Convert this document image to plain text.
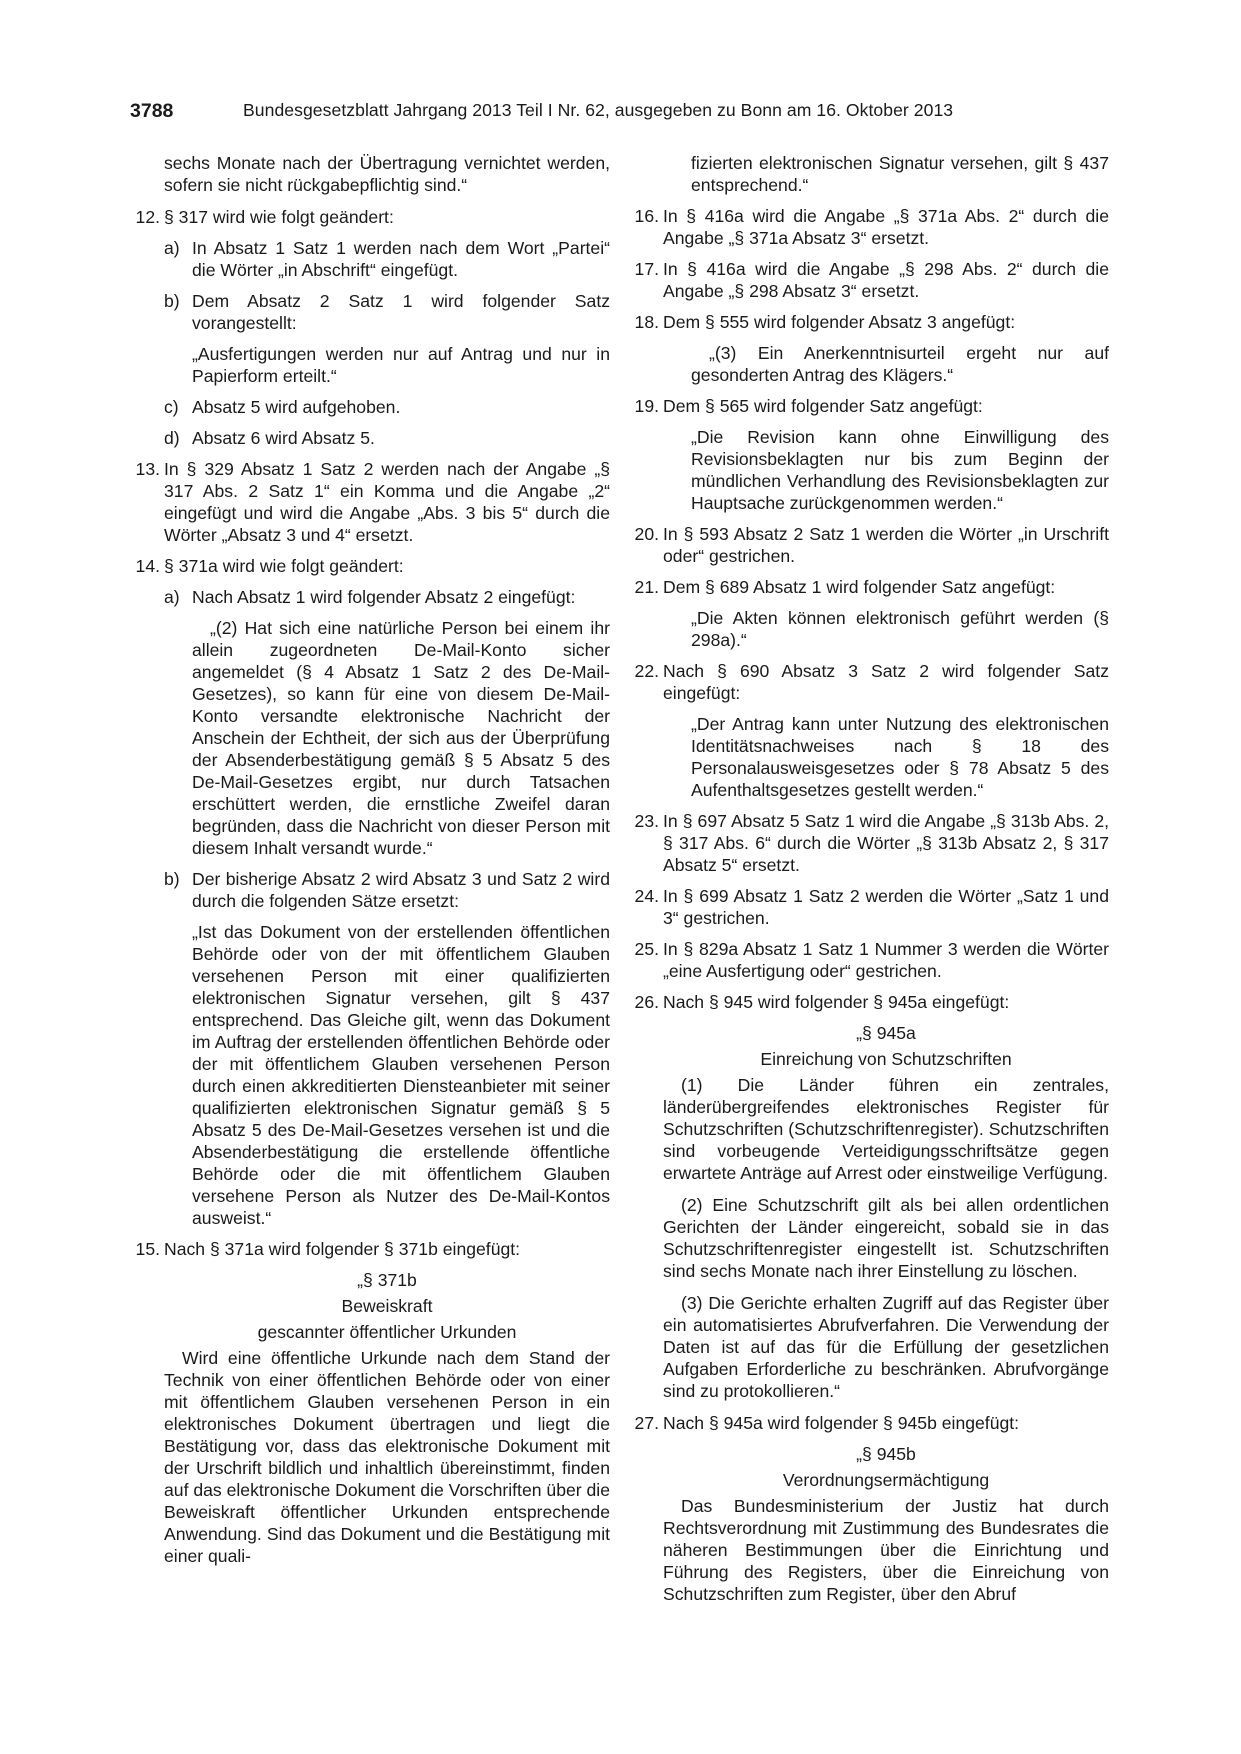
3788	Bundesgesetzblatt Jahrgang 2013 Teil I Nr. 62, ausgegeben zu Bonn am 16. Oktober 2013

sechs Monate nach der Übertragung vernichtet werden, sofern sie nicht rückgabepflichtig sind.“

12. § 317 wird wie folgt geändert:
a) In Absatz 1 Satz 1 werden nach dem Wort „Partei“ die Wörter „in Abschrift“ eingefügt.
b) Dem Absatz 2 Satz 1 wird folgender Satz vorangestellt:

„Ausfertigungen werden nur auf Antrag und nur in Papierform erteilt.“

c) Absatz 5 wird aufgehoben.
d) Absatz 6 wird Absatz 5.
13. In § 329 Absatz 1 Satz 2 werden nach der Angabe „§ 317 Abs. 2 Satz 1“ ein Komma und die Angabe „2“ eingefügt und wird die Angabe „Abs. 3 bis 5“ durch die Wörter „Absatz 3 und 4“ ersetzt.
14. § 371a wird wie folgt geändert:
a) Nach Absatz 1 wird folgender Absatz 2 eingefügt:

„(2) Hat sich eine natürliche Person bei einem ihr allein zugeordneten De-Mail-Konto sicher angemeldet (§ 4 Absatz 1 Satz 2 des De-Mail-Gesetzes), so kann für eine von diesem De-Mail-Konto versandte elektronische Nachricht der Anschein der Echtheit, der sich aus der Überprüfung der Absenderbestätigung gemäß § 5 Absatz 5 des De-Mail-Gesetzes ergibt, nur durch Tatsachen erschüttert werden, die ernstliche Zweifel daran begründen, dass die Nachricht von dieser Person mit diesem Inhalt versandt wurde.“

b) Der bisherige Absatz 2 wird Absatz 3 und Satz 2 wird durch die folgenden Sätze ersetzt:

„Ist das Dokument von der erstellenden öffentlichen Behörde oder von der mit öffentlichem Glauben versehenen Person mit einer qualifizierten elektronischen Signatur versehen, gilt § 437 entsprechend. Das Gleiche gilt, wenn das Dokument im Auftrag der erstellenden öffentlichen Behörde oder der mit öffentlichem Glauben versehenen Person durch einen akkreditierten Diensteanbieter mit seiner qualifizierten elektronischen Signatur gemäß § 5 Absatz 5 des De-Mail-Gesetzes versehen ist und die Absenderbestätigung die erstellende öffentliche Behörde oder die mit öffentlichem Glauben versehene Person als Nutzer des De-Mail-Kontos ausweist.“

15. Nach § 371a wird folgender § 371b eingefügt:

„§ 371b

Beweiskraft

gescannter öffentlicher Urkunden

Wird eine öffentliche Urkunde nach dem Stand der Technik von einer öffentlichen Behörde oder von einer mit öffentlichem Glauben versehenen Person in ein elektronisches Dokument übertragen und liegt die Bestätigung vor, dass das elektronische Dokument mit der Urschrift bildlich und inhaltlich übereinstimmt, finden auf das elektronische Dokument die Vorschriften über die Beweiskraft öffentlicher Urkunden entsprechende Anwendung. Sind das Dokument und die Bestätigung mit einer quali-

fizierten elektronischen Signatur versehen, gilt § 437 entsprechend.“

16. In § 416a wird die Angabe „§ 371a Abs. 2“ durch die Angabe „§ 371a Absatz 3“ ersetzt.
17. In § 416a wird die Angabe „§ 298 Abs. 2“ durch die Angabe „§ 298 Absatz 3“ ersetzt.
18. Dem § 555 wird folgender Absatz 3 angefügt:

„(3) Ein Anerkenntnisurteil ergeht nur auf gesonderten Antrag des Klägers.“

19. Dem § 565 wird folgender Satz angefügt:

„Die Revision kann ohne Einwilligung des Revisionsbeklagten nur bis zum Beginn der mündlichen Verhandlung des Revisionsbeklagten zur Hauptsache zurückgenommen werden.“

20. In § 593 Absatz 2 Satz 1 werden die Wörter „in Urschrift oder“ gestrichen.
21. Dem § 689 Absatz 1 wird folgender Satz angefügt:

„Die Akten können elektronisch geführt werden (§ 298a).“

22. Nach § 690 Absatz 3 Satz 2 wird folgender Satz eingefügt:

„Der Antrag kann unter Nutzung des elektronischen Identitätsnachweises nach § 18 des Personalausweisgesetzes oder § 78 Absatz 5 des Aufenthaltsgesetzes gestellt werden.“

23. In § 697 Absatz 5 Satz 1 wird die Angabe „§ 313b Abs. 2, § 317 Abs. 6“ durch die Wörter „§ 313b Absatz 2, § 317 Absatz 5“ ersetzt.
24. In § 699 Absatz 1 Satz 2 werden die Wörter „Satz 1 und 3“ gestrichen.
25. In § 829a Absatz 1 Satz 1 Nummer 3 werden die Wörter „eine Ausfertigung oder“ gestrichen.
26. Nach § 945 wird folgender § 945a eingefügt:

„§ 945a

Einreichung von Schutzschriften

(1) Die Länder führen ein zentrales, länderübergreifendes elektronisches Register für Schutzschriften (Schutzschriftenregister). Schutzschriften sind vorbeugende Verteidigungsschriftsätze gegen erwartete Anträge auf Arrest oder einstweilige Verfügung.

(2) Eine Schutzschrift gilt als bei allen ordentlichen Gerichten der Länder eingereicht, sobald sie in das Schutzschriftenregister eingestellt ist. Schutzschriften sind sechs Monate nach ihrer Einstellung zu löschen.

(3) Die Gerichte erhalten Zugriff auf das Register über ein automatisiertes Abrufverfahren. Die Verwendung der Daten ist auf das für die Erfüllung der gesetzlichen Aufgaben Erforderliche zu beschränken. Abrufvorgänge sind zu protokollieren.“

27. Nach § 945a wird folgender § 945b eingefügt:

„§ 945b

Verordnungsermächtigung

Das Bundesministerium der Justiz hat durch Rechtsverordnung mit Zustimmung des Bundesrates die näheren Bestimmungen über die Einrichtung und Führung des Registers, über die Einreichung von Schutzschriften zum Register, über den Abruf
